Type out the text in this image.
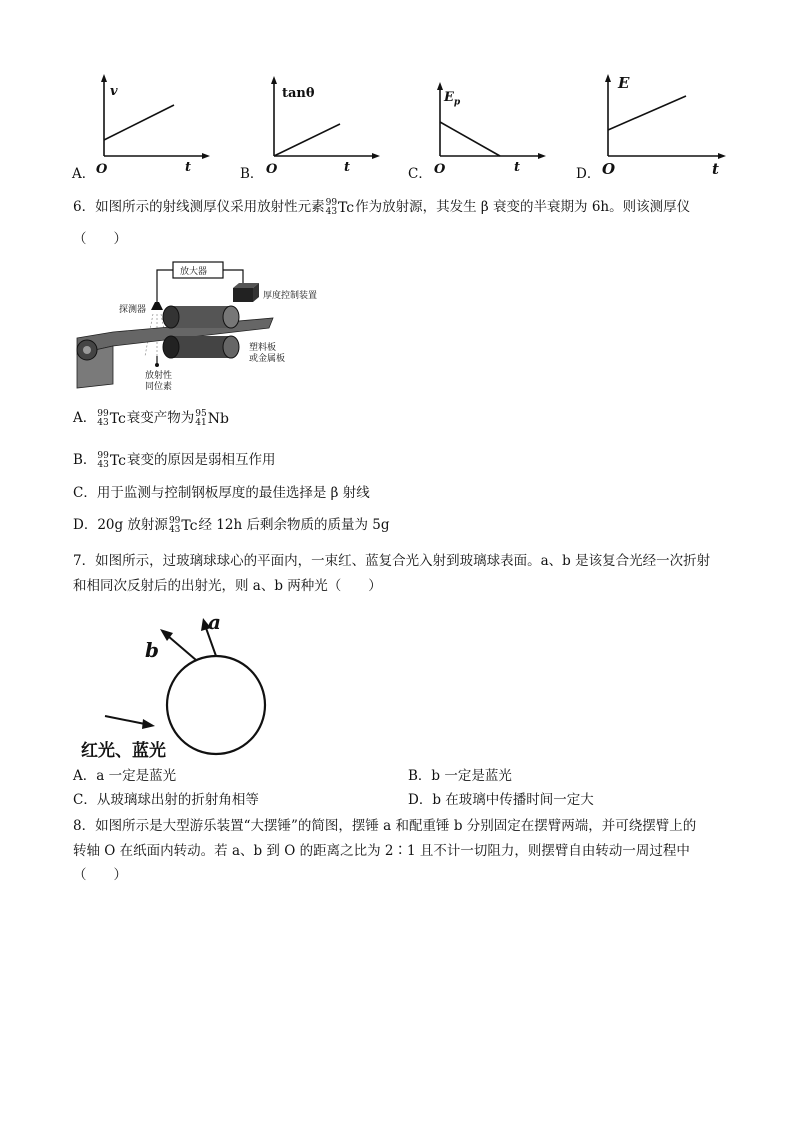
A．
v
O	t	B．
tanθ
O	t	C．
$E_p$
O	t	D．
E
O	t
6．如图所示的射线测厚仪采用放射性元素 99
43 Tc 作为放射源，其发生 β 衰变的半衰期为 6h。则该测厚仪
（　　）
放大器
探测器
厚度控制装置
塑料板
或金属板
放射性
同位素
A． 99
43 Tc 衰变产物为 95
41 Nb
B． 99
43 Tc 衰变的原因是弱相互作用
C．用于监测与控制钢板厚度的最佳选择是 β 射线
D．20g 放射源 99
43 Tc 经 12h 后剩余物质的质量为 5g
7．如图所示，过玻璃球球心的平面内，一束红、蓝复合光入射到玻璃球表面。a、b 是该复合光经一次折射
和相同次反射后的出射光，则 a、b 两种光（　　）
a
b
红光、蓝光
A．a 一定是蓝光	B．b 一定是蓝光
C．从玻璃球出射的折射角相等	D．b 在玻璃中传播时间一定大
8．如图所示是大型游乐装置“大摆锤”的简图，摆锤 a 和配重锤 b 分别固定在摆臂两端，并可绕摆臂上的
转轴 O 在纸面内转动。若 a、b 到 O 的距离之比为 2∶1 且不计一切阻力，则摆臂自由转动一周过程中
（　　）
